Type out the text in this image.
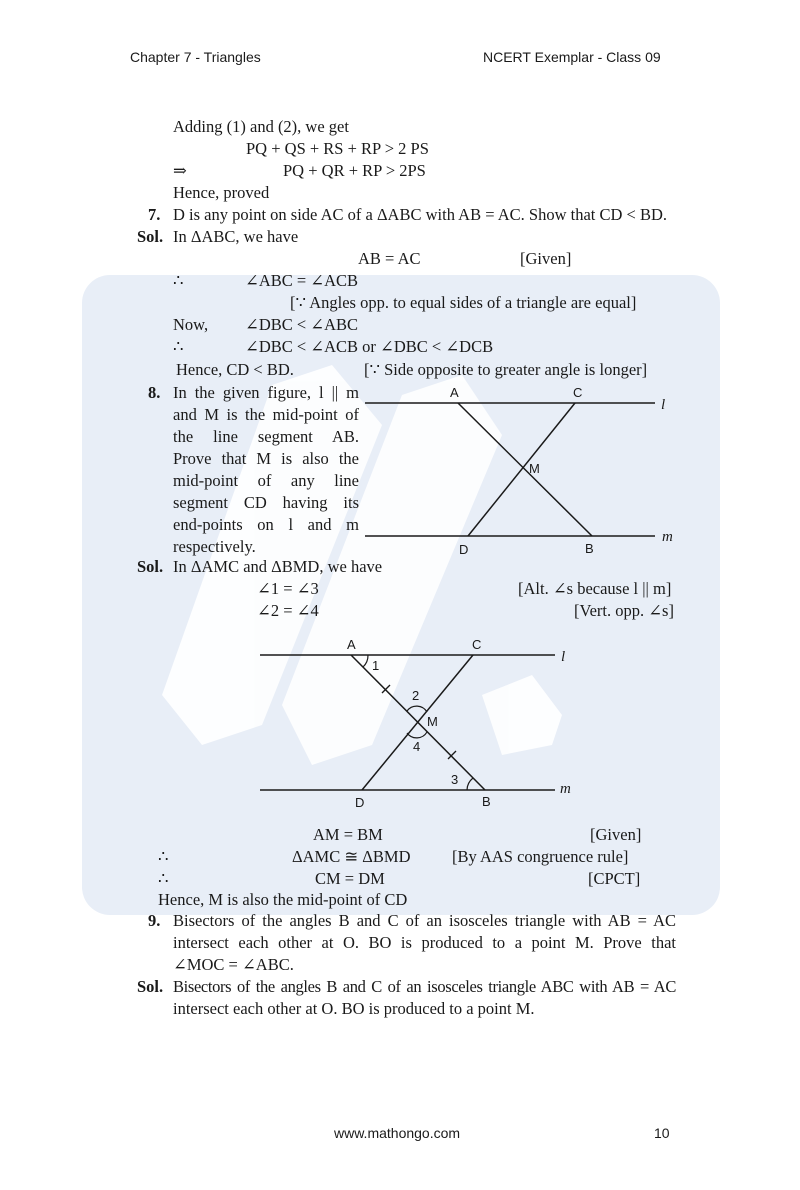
Chapter 7 - Triangles	NCERT Exemplar - Class 09
Adding (1) and (2), we get
PQ + QS + RS + RP > 2 PS
⇒	PQ + QR + RP > 2PS
Hence, proved
7. D is any point on side AC of a ΔABC with AB = AC. Show that CD < BD.
Sol. In ΔABC, we have
AB = AC	[Given]
∴	∠ABC = ∠ACB
[∵ Angles opp. to equal sides of a triangle are equal]
Now, ∠DBC < ∠ABC
∴	∠DBC < ∠ACB or ∠DBC < ∠DCB
Hence, CD < BD.	[∵ Side opposite to greater angle is longer]
8. In the given figure, l || m
and M is the mid-point of
the line segment AB.
Prove that M is also the
mid-point of any line
segment CD having its
end-points on l and m
respectively.
A	C
l
M
D	B
m
Sol. In ΔAMC and ΔBMD, we have
∠1 = ∠3	[Alt. ∠s because l || m]
∠2 = ∠4	[Vert. opp. ∠s]
A	C
l
1
2
M
4
3
D	B
m
AM = BM	[Given]
∴	ΔAMC ≅ ΔBMD	[By AAS congruence rule]
∴	CM = DM	[CPCT]
Hence, M is also the mid-point of CD
9. Bisectors of the angles B and C of an isosceles triangle with AB = AC
intersect each other at O. BO is produced to a point M. Prove that
∠MOC = ∠ABC.
Sol. Bisectors of the angles B and C of an isosceles triangle ABC with AB = AC
intersect each other at O. BO is produced to a point M.
www.mathongo.com	10
